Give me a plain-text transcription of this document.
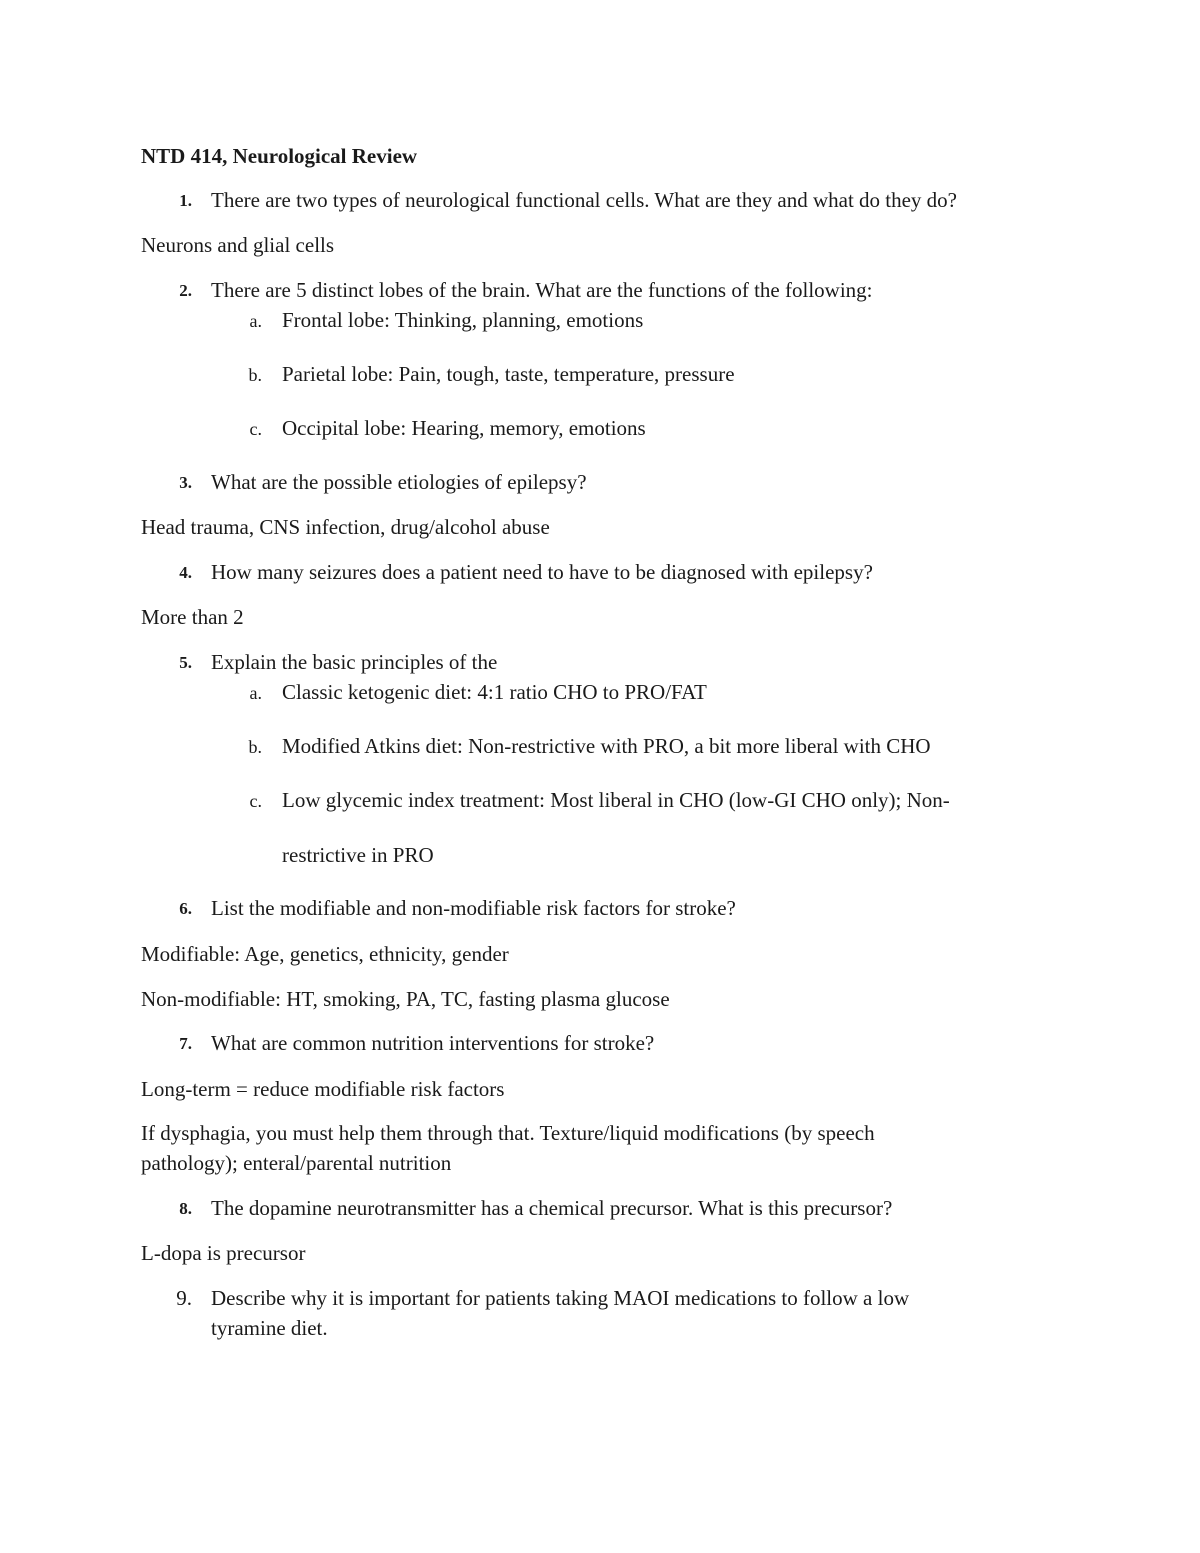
NTD 414, Neurological Review
1. There are two types of neurological functional cells. What are they and what do they do?
Neurons and glial cells
2. There are 5 distinct lobes of the brain. What are the functions of the following:
a. Frontal lobe: Thinking, planning, emotions
b. Parietal lobe: Pain, tough, taste, temperature, pressure
c. Occipital lobe: Hearing, memory, emotions
3. What are the possible etiologies of epilepsy?
Head trauma, CNS infection, drug/alcohol abuse
4. How many seizures does a patient need to have to be diagnosed with epilepsy?
More than 2
5. Explain the basic principles of the
a. Classic ketogenic diet: 4:1 ratio CHO to PRO/FAT
b. Modified Atkins diet: Non-restrictive with PRO, a bit more liberal with CHO
c. Low glycemic index treatment: Most liberal in CHO (low-GI CHO only); Non-
restrictive in PRO
6. List the modifiable and non-modifiable risk factors for stroke?
Modifiable: Age, genetics, ethnicity, gender
Non-modifiable: HT, smoking, PA, TC, fasting plasma glucose
7. What are common nutrition interventions for stroke?
Long-term = reduce modifiable risk factors
If dysphagia, you must help them through that. Texture/liquid modifications (by speech
pathology); enteral/parental nutrition
8. The dopamine neurotransmitter has a chemical precursor. What is this precursor?
L-dopa is precursor
9. Describe why it is important for patients taking MAOI medications to follow a low
tyramine diet.
